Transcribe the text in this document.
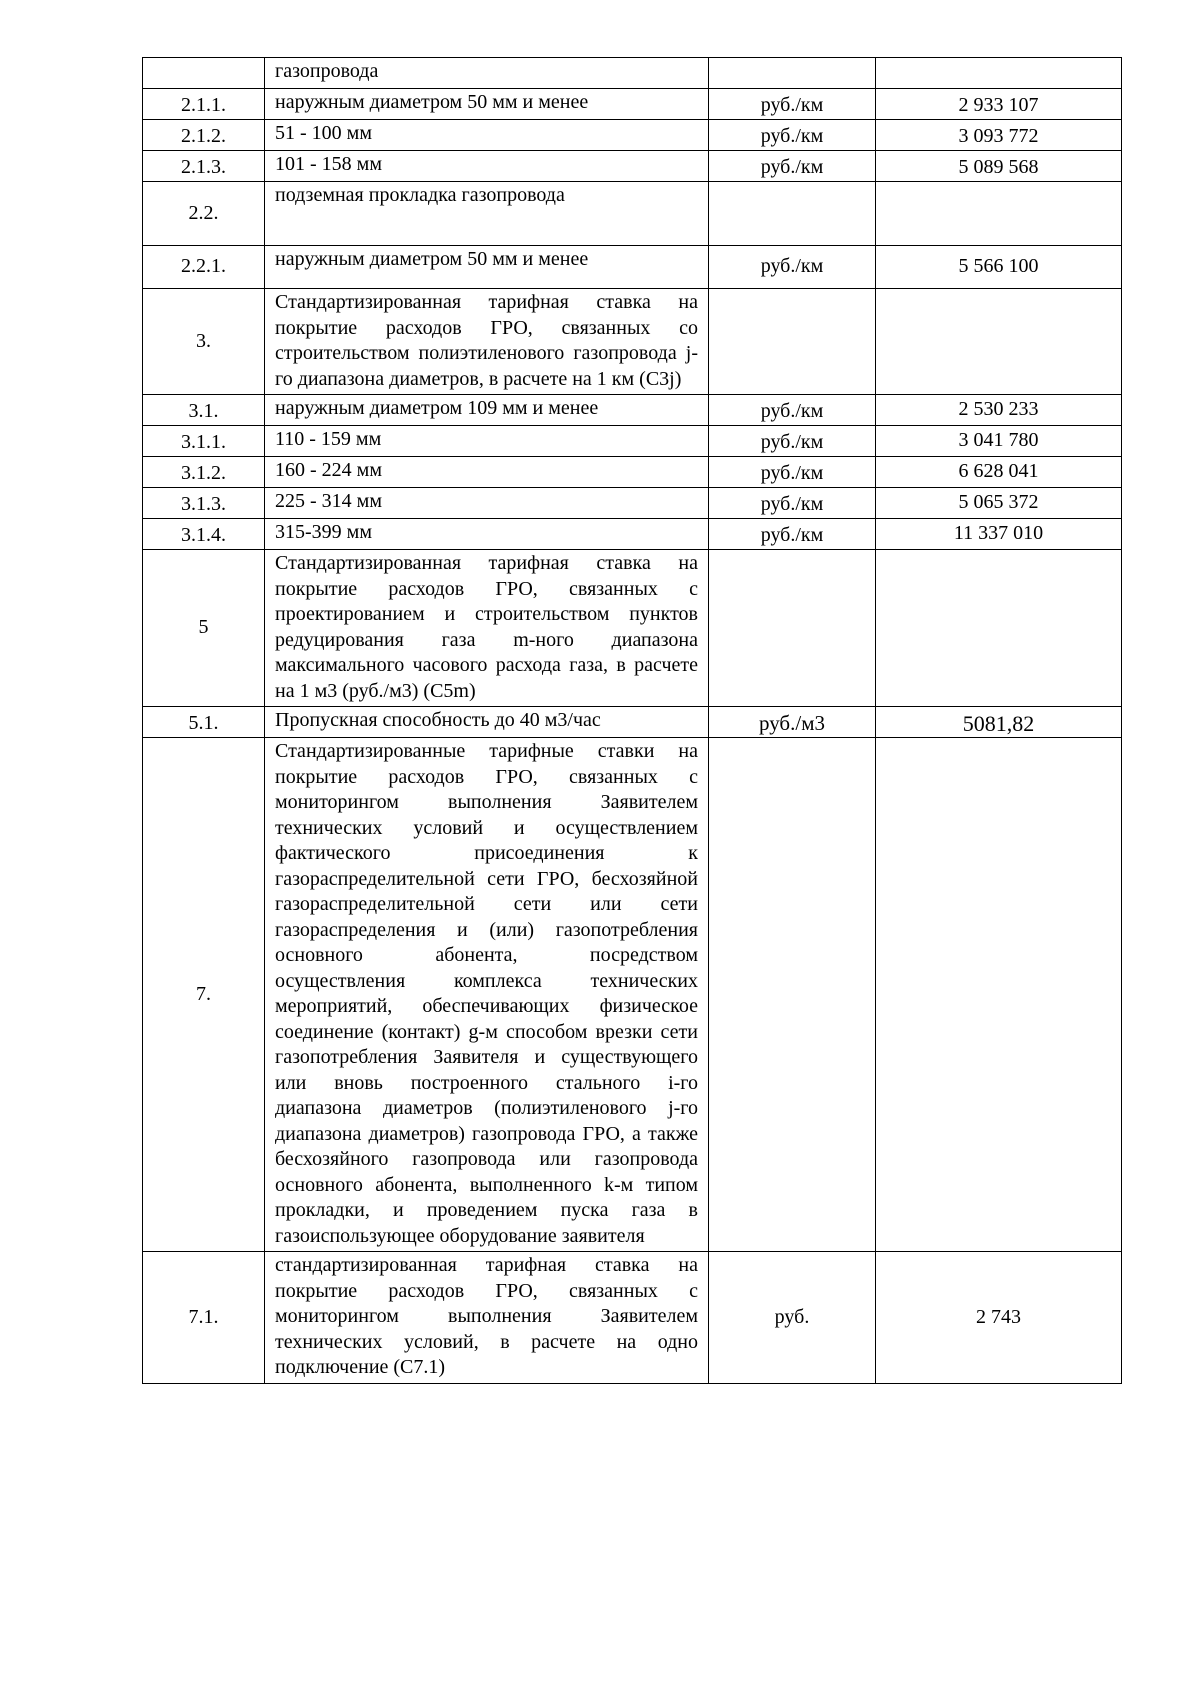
	газопровода		
2.1.1.	наружным диаметром 50 мм и менее	руб./км	2 933 107
2.1.2.	51 - 100 мм	руб./км	3 093 772
2.1.3.	101 - 158 мм	руб./км	5 089 568
2.2.	подземная прокладка газопровода		
2.2.1.	наружным диаметром 50 мм и менее	руб./км	5 566 100
3.	Стандартизированная тарифная ставка на покрытие расходов ГРО, связанных со строительством полиэтиленового газопровода j-го диапазона диаметров, в расчете на 1 км (C3j)		
3.1.	наружным диаметром 109 мм и менее	руб./км	2 530 233
3.1.1.	110 - 159 мм	руб./км	3 041 780
3.1.2.	160 - 224 мм	руб./км	6 628 041
3.1.3.	225 - 314 мм	руб./км	5 065 372
3.1.4.	315-399 мм	руб./км	11 337 010
5	Стандартизированная тарифная ставка на покрытие расходов ГРО, связанных с проектированием и строительством пунктов редуцирования газа m-ного диапазона максимального часового расхода газа, в расчете на 1 м3 (руб./м3) (C5m)		
5.1.	Пропускная способность до 40 м3/час	руб./м3	5081,82
7.	Стандартизированные тарифные ставки на покрытие расходов ГРО, связанных с мониторингом выполнения Заявителем технических условий и осуществлением фактического присоединения к газораспределительной сети ГРО, бесхозяйной газораспределительной сети или сети газораспределения и (или) газопотребления основного абонента, посредством осуществления комплекса технических мероприятий, обеспечивающих физическое соединение (контакт) g-м способом врезки сети газопотребления Заявителя и существующего или вновь построенного стального i-го диапазона диаметров (полиэтиленового j-го диапазона диаметров) газопровода ГРО, а также бесхозяйного газопровода или газопровода основного абонента, выполненного k-м типом прокладки, и проведением пуска газа в газоиспользующее оборудование заявителя		
7.1.	стандартизированная тарифная ставка на покрытие расходов ГРО, связанных с мониторингом выполнения Заявителем технических условий, в расчете на одно подключение (C7.1)	руб.	2 743
